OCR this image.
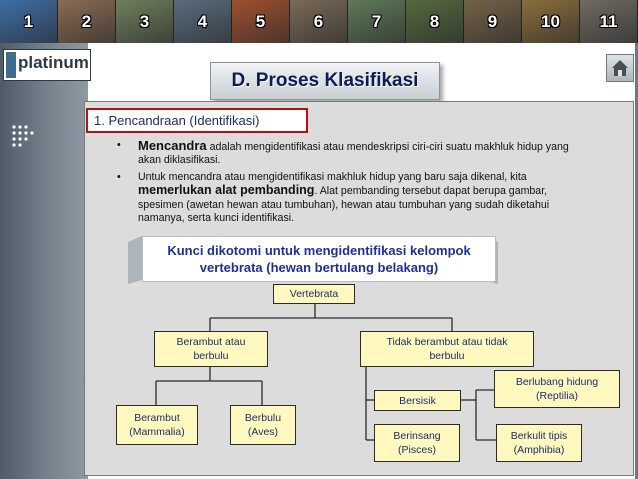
1	2	3	4	5	6	7	8	9	10	11
platinum
D. Proses Klasifikasi
1. Pencandraan (Identifikasi)
• Mencandra adalah mengidentifikasi atau mendeskripsi ciri-ciri suatu makhluk hidup yang akan diklasifikasi.
• Untuk mencandra atau mengidentifikasi makhluk hidup yang baru saja dikenal, kita memerlukan alat pembanding. Alat pembanding tersebut dapat berupa gambar, spesimen (awetan hewan atau tumbuhan), hewan atau tumbuhan yang sudah diketahui namanya, serta kunci identifikasi.
Kunci dikotomi untuk mengidentifikasi kelompok
vertebrata (hewan bertulang belakang)
Vertebrata
Berambut atau
berbulu
Tidak berambut atau tidak
berbulu
Berambut
(Mammalia)
Berbulu
(Aves)
Bersisik
Berinsang
(Pisces)
Berlubang hidung
(Reptilia)
Berkulit tipis
(Amphibia)
